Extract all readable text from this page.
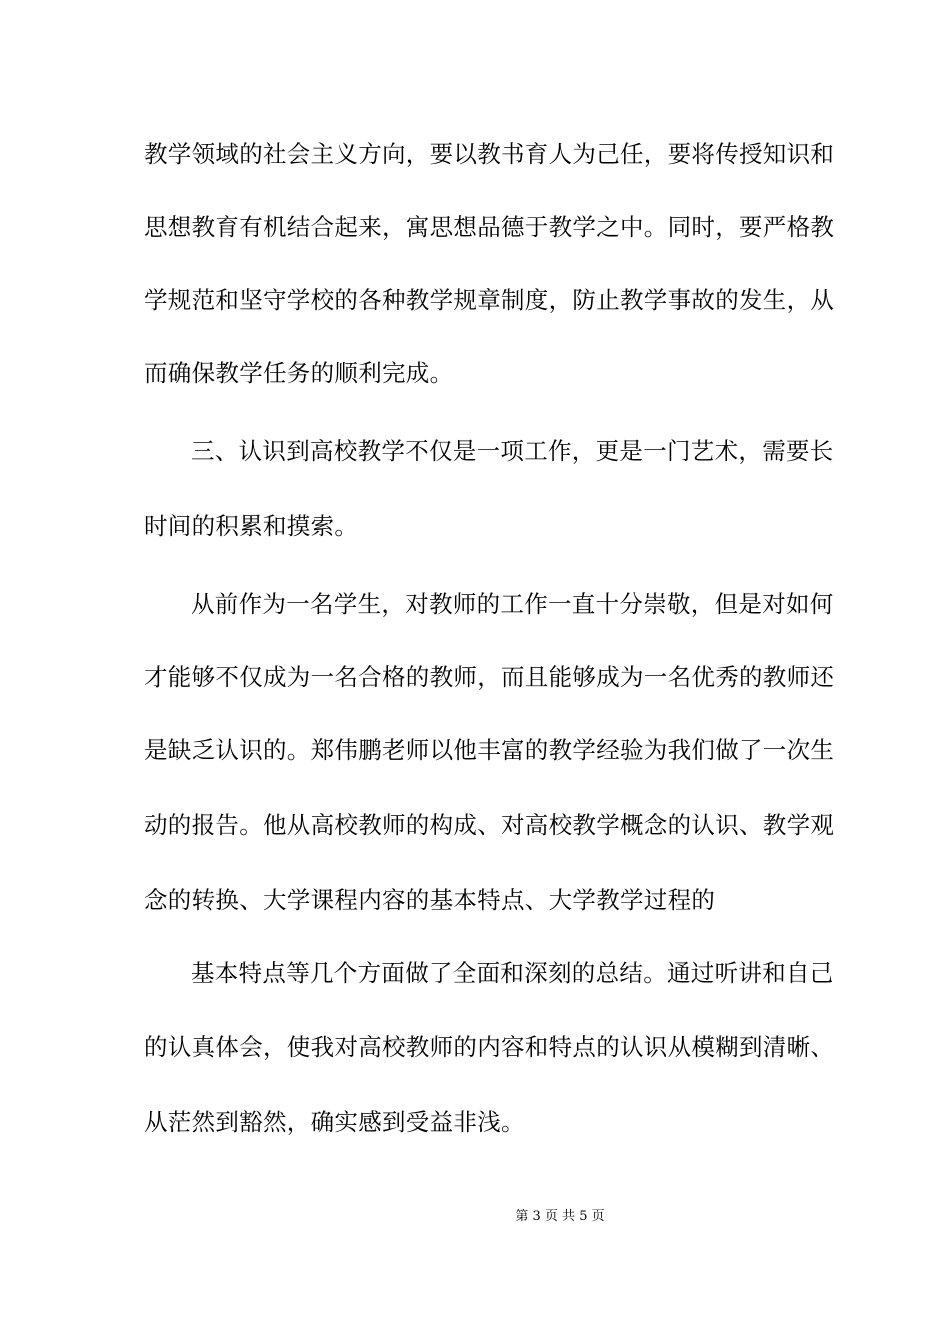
教学领域的社会主义方向，要以教书育人为己任，要将传授知识和
思想教育有机结合起来，寓思想品德于教学之中。同时，要严格教
学规范和坚守学校的各种教学规章制度，防止教学事故的发生，从
而确保教学任务的顺利完成。
三、认识到高校教学不仅是一项工作，更是一门艺术，需要长
时间的积累和摸索。
从前作为一名学生，对教师的工作一直十分崇敬，但是对如何
才能够不仅成为一名合格的教师，而且能够成为一名优秀的教师还
是缺乏认识的。郑伟鹏老师以他丰富的教学经验为我们做了一次生
动的报告。他从高校教师的构成、对高校教学概念的认识、教学观
念的转换、大学课程内容的基本特点、大学教学过程的
基本特点等几个方面做了全面和深刻的总结。通过听讲和自己
的认真体会，使我对高校教师的内容和特点的认识从模糊到清晰、
从茫然到豁然，确实感到受益非浅。
第 3 页 共 5 页
